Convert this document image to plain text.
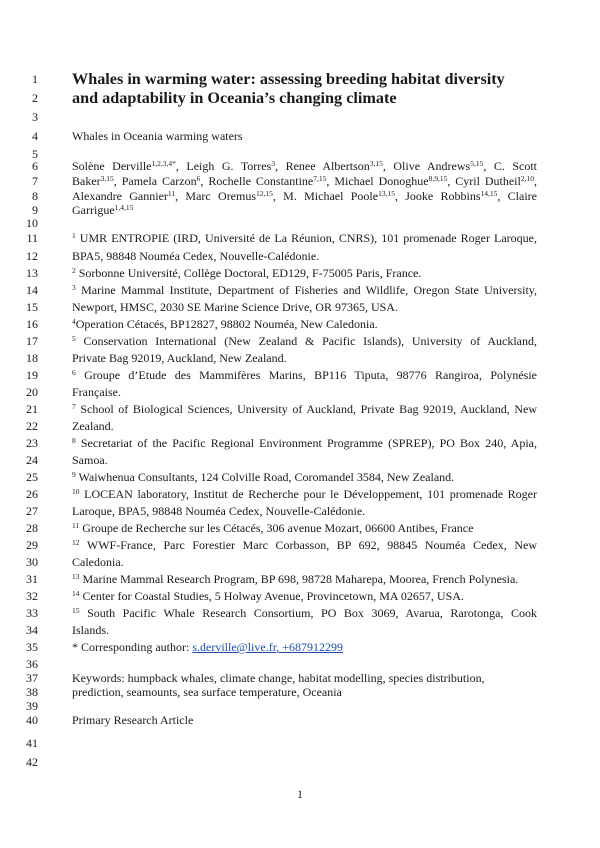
1
2
3
4
5
6
7
8
9
10
11
12
13
14
15
16
17
18
19
20
21
22
23
24
25
26
27
28
29
30
31
32
33
34
35
36
37
38
39
40
41
42
Whales in warming water: assessing breeding habitat diversity
and adaptability in Oceania’s changing climate
Whales in Oceania warming waters
Solène Derville$^{1,2,3,4*}$, Leigh G. Torres$^3$, Renee Albertson$^{3,15}$, Olive Andrews$^{5,15}$, C. Scott
Baker$^{3,15}$, Pamela Carzon$^6$, Rochelle Constantine$^{7,15}$, Michael Donoghue$^{8,9,15}$, Cyril Dutheil$^{2,10}$,
Alexandre Gannier$^{11}$, Marc Oremus$^{12,15}$, M. Michael Poole$^{13,15}$, Jooke Robbins$^{14,15}$, Claire
Garrigue$^{1,4,15}$
$^1$ UMR ENTROPIE (IRD, Université de La Réunion, CNRS), 101 promenade Roger Laroque,
BPA5, 98848 Nouméa Cedex, Nouvelle-Calédonie.
$^2$ Sorbonne Université, Collège Doctoral, ED129, F-75005 Paris, France.
$^3$ Marine Mammal Institute, Department of Fisheries and Wildlife, Oregon State University,
Newport, HMSC, 2030 SE Marine Science Drive, OR 97365, USA.
$^4$Operation Cétacés, BP12827, 98802 Nouméa, New Caledonia.
$^5$ Conservation International (New Zealand & Pacific Islands), University of Auckland,
Private Bag 92019, Auckland, New Zealand.
$^6$ Groupe d’Etude des Mammifères Marins, BP116 Tiputa, 98776 Rangiroa, Polynésie
Française.
$^7$ School of Biological Sciences, University of Auckland, Private Bag 92019, Auckland, New
Zealand.
$^8$ Secretariat of the Pacific Regional Environment Programme (SPREP), PO Box 240, Apia,
Samoa.
$^9$ Waiwhenua Consultants, 124 Colville Road, Coromandel 3584, New Zealand.
$^{10}$ LOCEAN laboratory, Institut de Recherche pour le Développement, 101 promenade Roger
Laroque, BPA5, 98848 Nouméa Cedex, Nouvelle-Calédonie.
$^{11}$ Groupe de Recherche sur les Cétacés, 306 avenue Mozart, 06600 Antibes, France
$^{12}$ WWF-France, Parc Forestier Marc Corbasson, BP 692, 98845 Nouméa Cedex, New
Caledonia.
$^{13}$ Marine Mammal Research Program, BP 698, 98728 Maharepa, Moorea, French Polynesia.
$^{14}$ Center for Coastal Studies, 5 Holway Avenue, Provincetown, MA 02657, USA.
$^{15}$ South Pacific Whale Research Consortium, PO Box 3069, Avarua, Rarotonga, Cook
Islands.
* Corresponding author: s.derville@live.fr, +687912299
Keywords: humpback whales, climate change, habitat modelling, species distribution,
prediction, seamounts, sea surface temperature, Oceania
Primary Research Article
1
